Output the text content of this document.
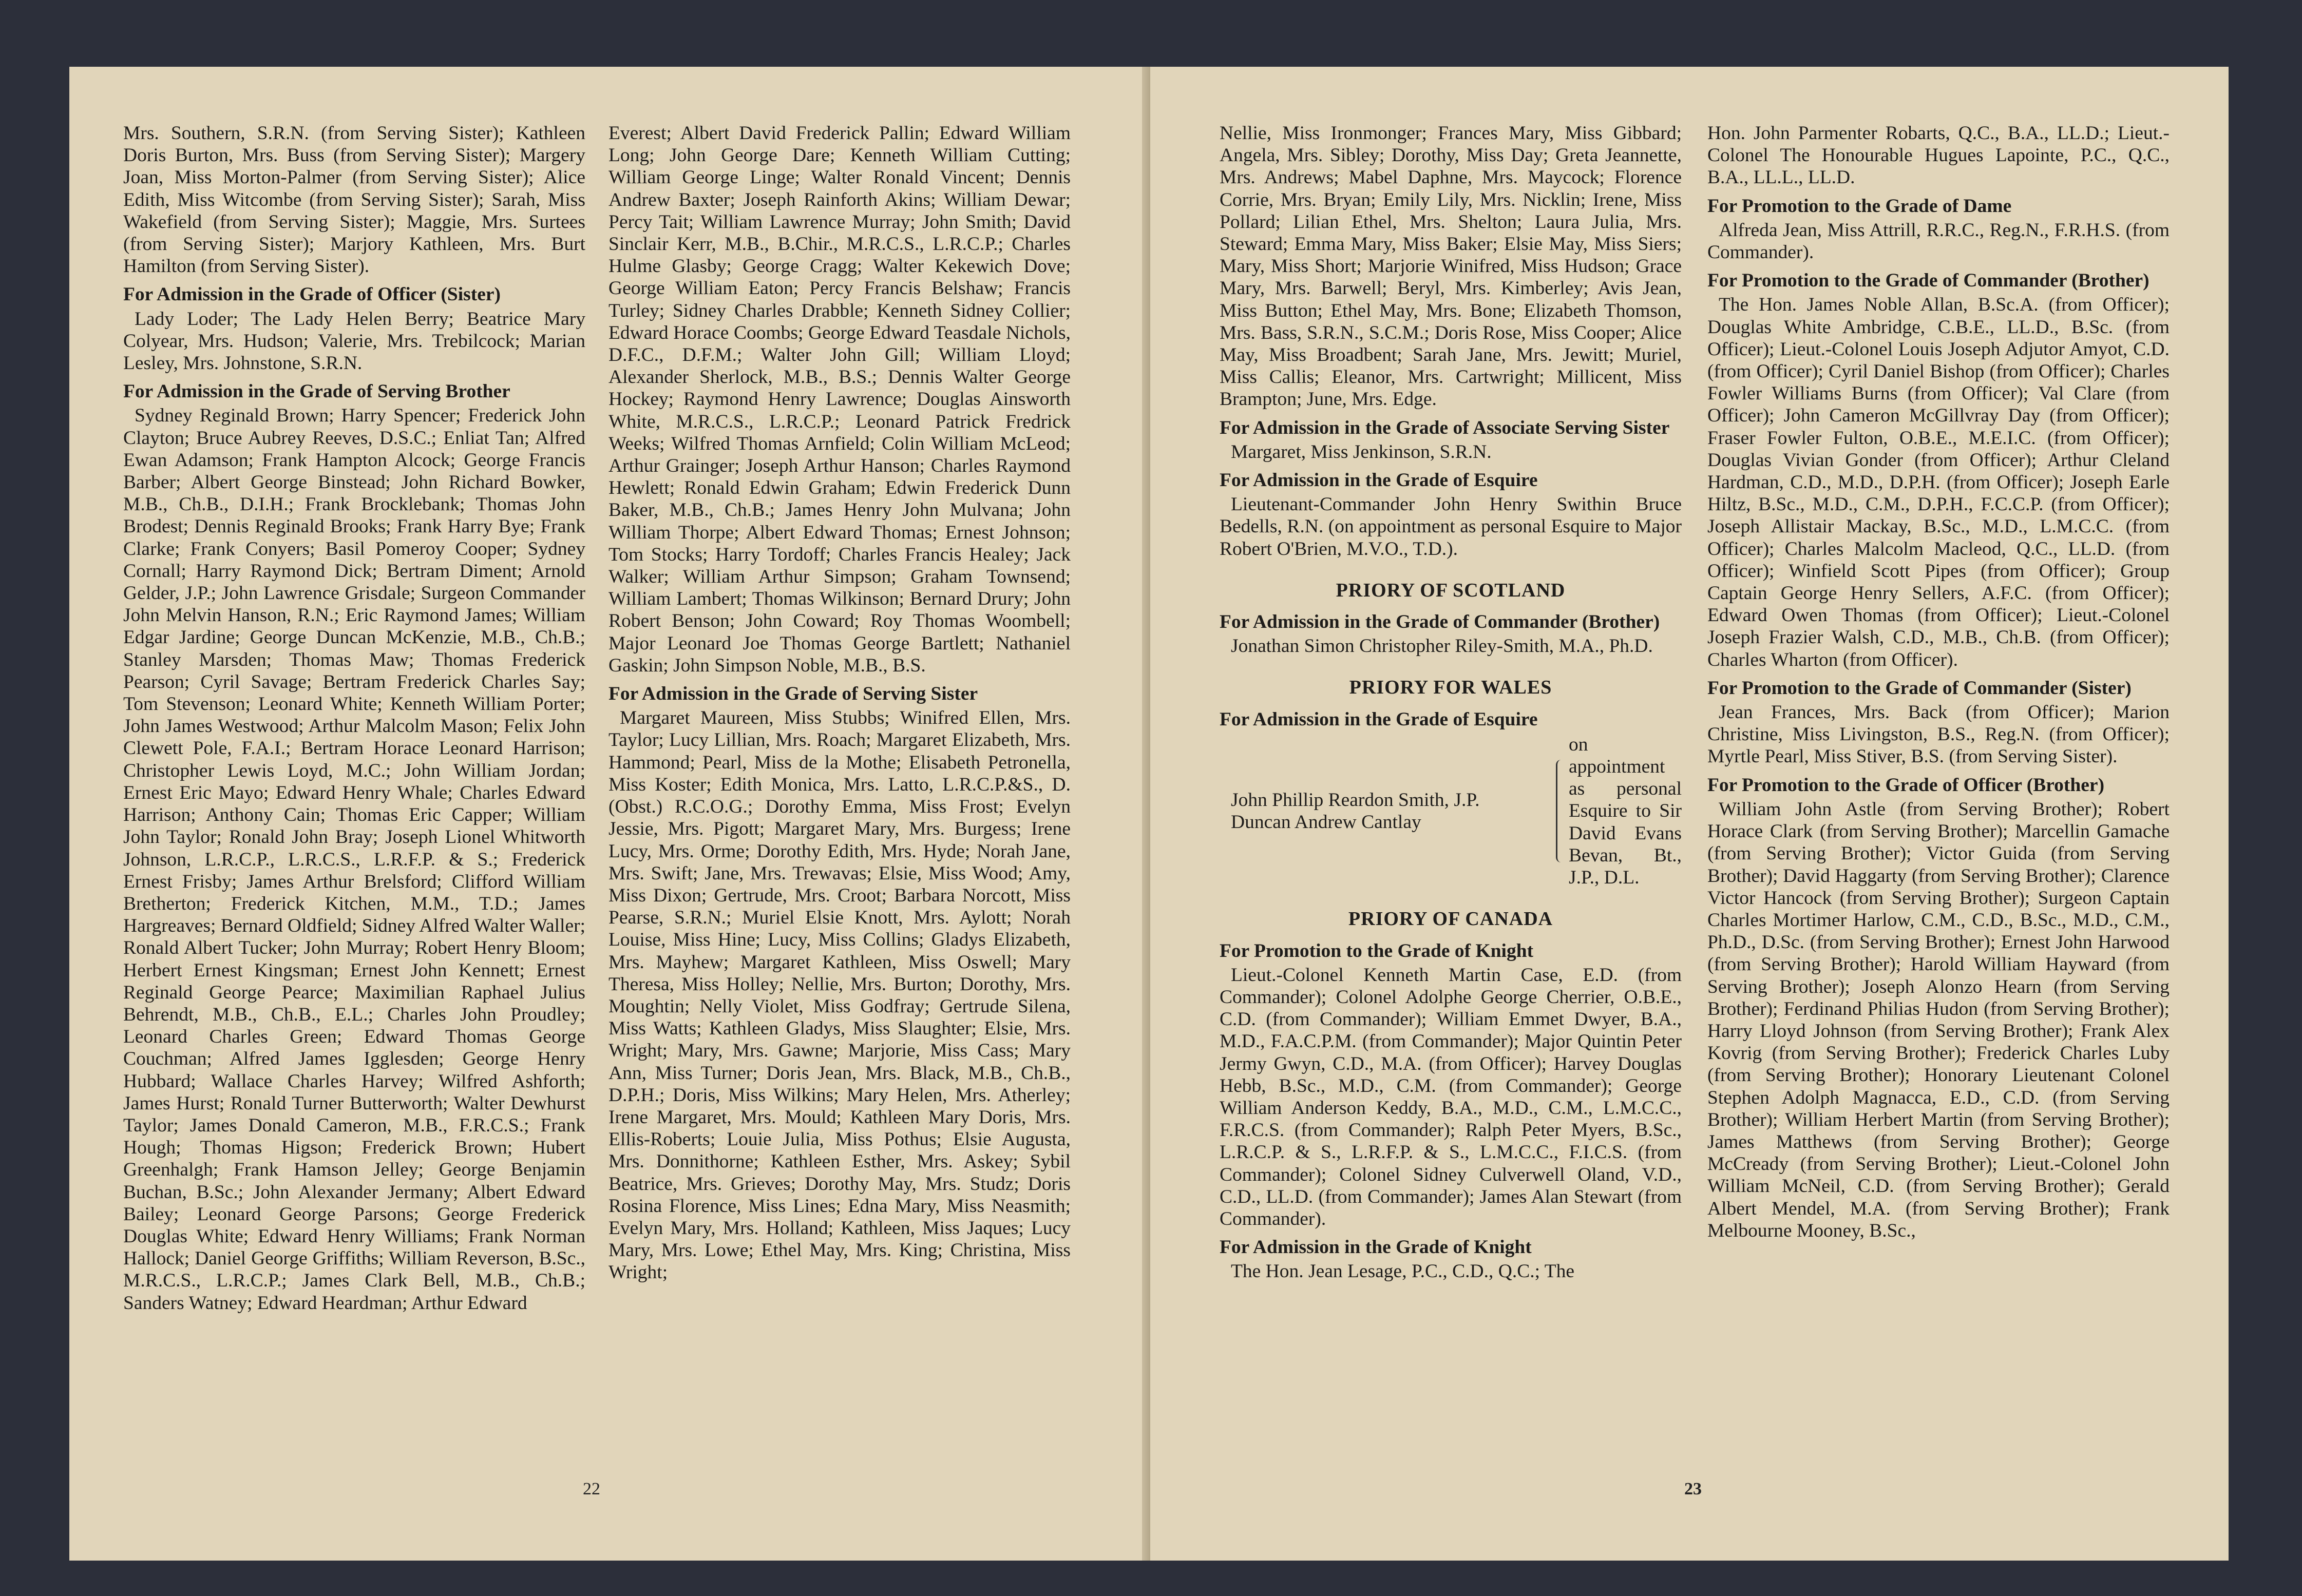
Mrs. Southern, S.R.N. (from Serving Sister); Kathleen Doris Burton, Mrs. Buss (from Serving Sister); Margery Joan, Miss Morton-Palmer (from Serving Sister); Alice Edith, Miss Witcombe (from Serving Sister); Sarah, Miss Wakefield (from Serving Sister); Maggie, Mrs. Surtees (from Serving Sister); Marjory Kathleen, Mrs. Burt Hamilton (from Serving Sister).

For Admission in the Grade of Officer (Sister)

Lady Loder; The Lady Helen Berry; Beatrice Mary Colyear, Mrs. Hudson; Valerie, Mrs. Trebilcock; Marian Lesley, Mrs. Johnstone, S.R.N.

For Admission in the Grade of Serving Brother

Sydney Reginald Brown; Harry Spencer; Frederick John Clayton; Bruce Aubrey Reeves, D.S.C.; Enliat Tan; Alfred Ewan Adamson; Frank Hampton Alcock; George Francis Barber; Albert George Binstead; John Richard Bowker, M.B., Ch.B., D.I.H.; Frank Brocklebank; Thomas John Brodest; Dennis Reginald Brooks; Frank Harry Bye; Frank Clarke; Frank Conyers; Basil Pomeroy Cooper; Sydney Cornall; Harry Raymond Dick; Bertram Diment; Arnold Gelder, J.P.; John Lawrence Grisdale; Surgeon Commander John Melvin Hanson, R.N.; Eric Raymond James; William Edgar Jardine; George Duncan McKenzie, M.B., Ch.B.; Stanley Marsden; Thomas Maw; Thomas Frederick Pearson; Cyril Savage; Bertram Frederick Charles Say; Tom Stevenson; Leonard White; Kenneth William Porter; John James Westwood; Arthur Malcolm Mason; Felix John Clewett Pole, F.A.I.; Bertram Horace Leonard Harrison; Christopher Lewis Loyd, M.C.; John William Jordan; Ernest Eric Mayo; Edward Henry Whale; Charles Edward Harrison; Anthony Cain; Thomas Eric Capper; William John Taylor; Ronald John Bray; Joseph Lionel Whitworth Johnson, L.R.C.P., L.R.C.S., L.R.F.P. & S.; Frederick Ernest Frisby; James Arthur Brelsford; Clifford William Bretherton; Frederick Kitchen, M.M., T.D.; James Hargreaves; Bernard Oldfield; Sidney Alfred Walter Waller; Ronald Albert Tucker; John Murray; Robert Henry Bloom; Herbert Ernest Kingsman; Ernest John Kennett; Ernest Reginald George Pearce; Maximilian Raphael Julius Behrendt, M.B., Ch.B., E.L.; Charles John Proudley; Leonard Charles Green; Edward Thomas George Couchman; Alfred James Igglesden; George Henry Hubbard; Wallace Charles Harvey; Wilfred Ashforth; James Hurst; Ronald Turner Butterworth; Walter Dewhurst Taylor; James Donald Cameron, M.B., F.R.C.S.; Frank Hough; Thomas Higson; Frederick Brown; Hubert Greenhalgh; Frank Hamson Jelley; George Benjamin Buchan, B.Sc.; John Alexander Jermany; Albert Edward Bailey; Leonard George Parsons; George Frederick Douglas White; Edward Henry Williams; Frank Norman Hallock; Daniel George Griffiths; William Reverson, B.Sc., M.R.C.S., L.R.C.P.; James Clark Bell, M.B., Ch.B.; Sanders Watney; Edward Heardman; Arthur Edward

Everest; Albert David Frederick Pallin; Edward William Long; John George Dare; Kenneth William Cutting; William George Linge; Walter Ronald Vincent; Dennis Andrew Baxter; Joseph Rainforth Akins; William Dewar; Percy Tait; William Lawrence Murray; John Smith; David Sinclair Kerr, M.B., B.Chir., M.R.C.S., L.R.C.P.; Charles Hulme Glasby; George Cragg; Walter Kekewich Dove; George William Eaton; Percy Francis Belshaw; Francis Turley; Sidney Charles Drabble; Kenneth Sidney Collier; Edward Horace Coombs; George Edward Teasdale Nichols, D.F.C., D.F.M.; Walter John Gill; William Lloyd; Alexander Sherlock, M.B., B.S.; Dennis Walter George Hockey; Raymond Henry Lawrence; Douglas Ainsworth White, M.R.C.S., L.R.C.P.; Leonard Patrick Fredrick Weeks; Wilfred Thomas Arnfield; Colin William McLeod; Arthur Grainger; Joseph Arthur Hanson; Charles Raymond Hewlett; Ronald Edwin Graham; Edwin Frederick Dunn Baker, M.B., Ch.B.; James Henry John Mulvana; John William Thorpe; Albert Edward Thomas; Ernest Johnson; Tom Stocks; Harry Tordoff; Charles Francis Healey; Jack Walker; William Arthur Simpson; Graham Townsend; William Lambert; Thomas Wilkinson; Bernard Drury; John Robert Benson; John Coward; Roy Thomas Woombell; Major Leonard Joe Thomas George Bartlett; Nathaniel Gaskin; John Simpson Noble, M.B., B.S.

For Admission in the Grade of Serving Sister

Margaret Maureen, Miss Stubbs; Winifred Ellen, Mrs. Taylor; Lucy Lillian, Mrs. Roach; Margaret Elizabeth, Mrs. Hammond; Pearl, Miss de la Mothe; Elisabeth Petronella, Miss Koster; Edith Monica, Mrs. Latto, L.R.C.P.&S., D.(Obst.) R.C.O.G.; Dorothy Emma, Miss Frost; Evelyn Jessie, Mrs. Pigott; Margaret Mary, Mrs. Burgess; Irene Lucy, Mrs. Orme; Dorothy Edith, Mrs. Hyde; Norah Jane, Mrs. Swift; Jane, Mrs. Trewavas; Elsie, Miss Wood; Amy, Miss Dixon; Gertrude, Mrs. Croot; Barbara Norcott, Miss Pearse, S.R.N.; Muriel Elsie Knott, Mrs. Aylott; Norah Louise, Miss Hine; Lucy, Miss Collins; Gladys Elizabeth, Mrs. Mayhew; Margaret Kathleen, Miss Oswell; Mary Theresa, Miss Holley; Nellie, Mrs. Burton; Dorothy, Mrs. Moughtin; Nelly Violet, Miss Godfray; Gertrude Silena, Miss Watts; Kathleen Gladys, Miss Slaughter; Elsie, Mrs. Wright; Mary, Mrs. Gawne; Marjorie, Miss Cass; Mary Ann, Miss Turner; Doris Jean, Mrs. Black, M.B., Ch.B., D.P.H.; Doris, Miss Wilkins; Mary Helen, Mrs. Atherley; Irene Margaret, Mrs. Mould; Kathleen Mary Doris, Mrs. Ellis-Roberts; Louie Julia, Miss Pothus; Elsie Augusta, Mrs. Donnithorne; Kathleen Esther, Mrs. Askey; Sybil Beatrice, Mrs. Grieves; Dorothy May, Mrs. Studz; Doris Rosina Florence, Miss Lines; Edna Mary, Miss Neasmith; Evelyn Mary, Mrs. Holland; Kathleen, Miss Jaques; Lucy Mary, Mrs. Lowe; Ethel May, Mrs. King; Christina, Miss Wright;

22

Nellie, Miss Ironmonger; Frances Mary, Miss Gibbard; Angela, Mrs. Sibley; Dorothy, Miss Day; Greta Jeannette, Mrs. Andrews; Mabel Daphne, Mrs. Maycock; Florence Corrie, Mrs. Bryan; Emily Lily, Mrs. Nicklin; Irene, Miss Pollard; Lilian Ethel, Mrs. Shelton; Laura Julia, Mrs. Steward; Emma Mary, Miss Baker; Elsie May, Miss Siers; Mary, Miss Short; Marjorie Winifred, Miss Hudson; Grace Mary, Mrs. Barwell; Beryl, Mrs. Kimberley; Avis Jean, Miss Button; Ethel May, Mrs. Bone; Elizabeth Thomson, Mrs. Bass, S.R.N., S.C.M.; Doris Rose, Miss Cooper; Alice May, Miss Broadbent; Sarah Jane, Mrs. Jewitt; Muriel, Miss Callis; Eleanor, Mrs. Cartwright; Millicent, Miss Brampton; June, Mrs. Edge.

For Admission in the Grade of Associate Serving Sister

Margaret, Miss Jenkinson, S.R.N.

For Admission in the Grade of Esquire

Lieutenant-Commander John Henry Swithin Bruce Bedells, R.N. (on appointment as personal Esquire to Major Robert O'Brien, M.V.O., T.D.).

PRIORY OF SCOTLAND

For Admission in the Grade of Commander (Brother)

Jonathan Simon Christopher Riley-Smith, M.A., Ph.D.

PRIORY FOR WALES

For Admission in the Grade of Esquire

John Phillip Reardon Smith, J.P.
Duncan Andrew Cantlay
on appointment as personal Esquire to Sir David Evans Bevan, Bt., J.P., D.L.

PRIORY OF CANADA

For Promotion to the Grade of Knight

Lieut.-Colonel Kenneth Martin Case, E.D. (from Commander); Colonel Adolphe George Cherrier, O.B.E., C.D. (from Commander); William Emmet Dwyer, B.A., M.D., F.A.C.P.M. (from Commander); Major Quintin Peter Jermy Gwyn, C.D., M.A. (from Officer); Harvey Douglas Hebb, B.Sc., M.D., C.M. (from Commander); George William Anderson Keddy, B.A., M.D., C.M., L.M.C.C., F.R.C.S. (from Commander); Ralph Peter Myers, B.Sc., L.R.C.P. & S., L.R.F.P. & S., L.M.C.C., F.I.C.S. (from Commander); Colonel Sidney Culverwell Oland, V.D., C.D., LL.D. (from Commander); James Alan Stewart (from Commander).

For Admission in the Grade of Knight

The Hon. Jean Lesage, P.C., C.D., Q.C.; The

Hon. John Parmenter Robarts, Q.C., B.A., LL.D.; Lieut.-Colonel The Honourable Hugues Lapointe, P.C., Q.C., B.A., LL.L., LL.D.

For Promotion to the Grade of Dame

Alfreda Jean, Miss Attrill, R.R.C., Reg.N., F.R.H.S. (from Commander).

For Promotion to the Grade of Commander (Brother)

The Hon. James Noble Allan, B.Sc.A. (from Officer); Douglas White Ambridge, C.B.E., LL.D., B.Sc. (from Officer); Lieut.-Colonel Louis Joseph Adjutor Amyot, C.D. (from Officer); Cyril Daniel Bishop (from Officer); Charles Fowler Williams Burns (from Officer); Val Clare (from Officer); John Cameron McGillvray Day (from Officer); Fraser Fowler Fulton, O.B.E., M.E.I.C. (from Officer); Douglas Vivian Gonder (from Officer); Arthur Cleland Hardman, C.D., M.D., D.P.H. (from Officer); Joseph Earle Hiltz, B.Sc., M.D., C.M., D.P.H., F.C.C.P. (from Officer); Joseph Allistair Mackay, B.Sc., M.D., L.M.C.C. (from Officer); Charles Malcolm Macleod, Q.C., LL.D. (from Officer); Winfield Scott Pipes (from Officer); Group Captain George Henry Sellers, A.F.C. (from Officer); Edward Owen Thomas (from Officer); Lieut.-Colonel Joseph Frazier Walsh, C.D., M.B., Ch.B. (from Officer); Charles Wharton (from Officer).

For Promotion to the Grade of Commander (Sister)

Jean Frances, Mrs. Back (from Officer); Marion Christine, Miss Livingston, B.S., Reg.N. (from Officer); Myrtle Pearl, Miss Stiver, B.S. (from Serving Sister).

For Promotion to the Grade of Officer (Brother)

William John Astle (from Serving Brother); Robert Horace Clark (from Serving Brother); Marcellin Gamache (from Serving Brother); Victor Guida (from Serving Brother); David Haggarty (from Serving Brother); Clarence Victor Hancock (from Serving Brother); Surgeon Captain Charles Mortimer Harlow, C.M., C.D., B.Sc., M.D., C.M., Ph.D., D.Sc. (from Serving Brother); Ernest John Harwood (from Serving Brother); Harold William Hayward (from Serving Brother); Joseph Alonzo Hearn (from Serving Brother); Ferdinand Philias Hudon (from Serving Brother); Harry Lloyd Johnson (from Serving Brother); Frank Alex Kovrig (from Serving Brother); Frederick Charles Luby (from Serving Brother); Honorary Lieutenant Colonel Stephen Adolph Magnacca, E.D., C.D. (from Serving Brother); William Herbert Martin (from Serving Brother); James Matthews (from Serving Brother); George McCready (from Serving Brother); Lieut.-Colonel John William McNeil, C.D. (from Serving Brother); Gerald Albert Mendel, M.A. (from Serving Brother); Frank Melbourne Mooney, B.Sc.,

23
